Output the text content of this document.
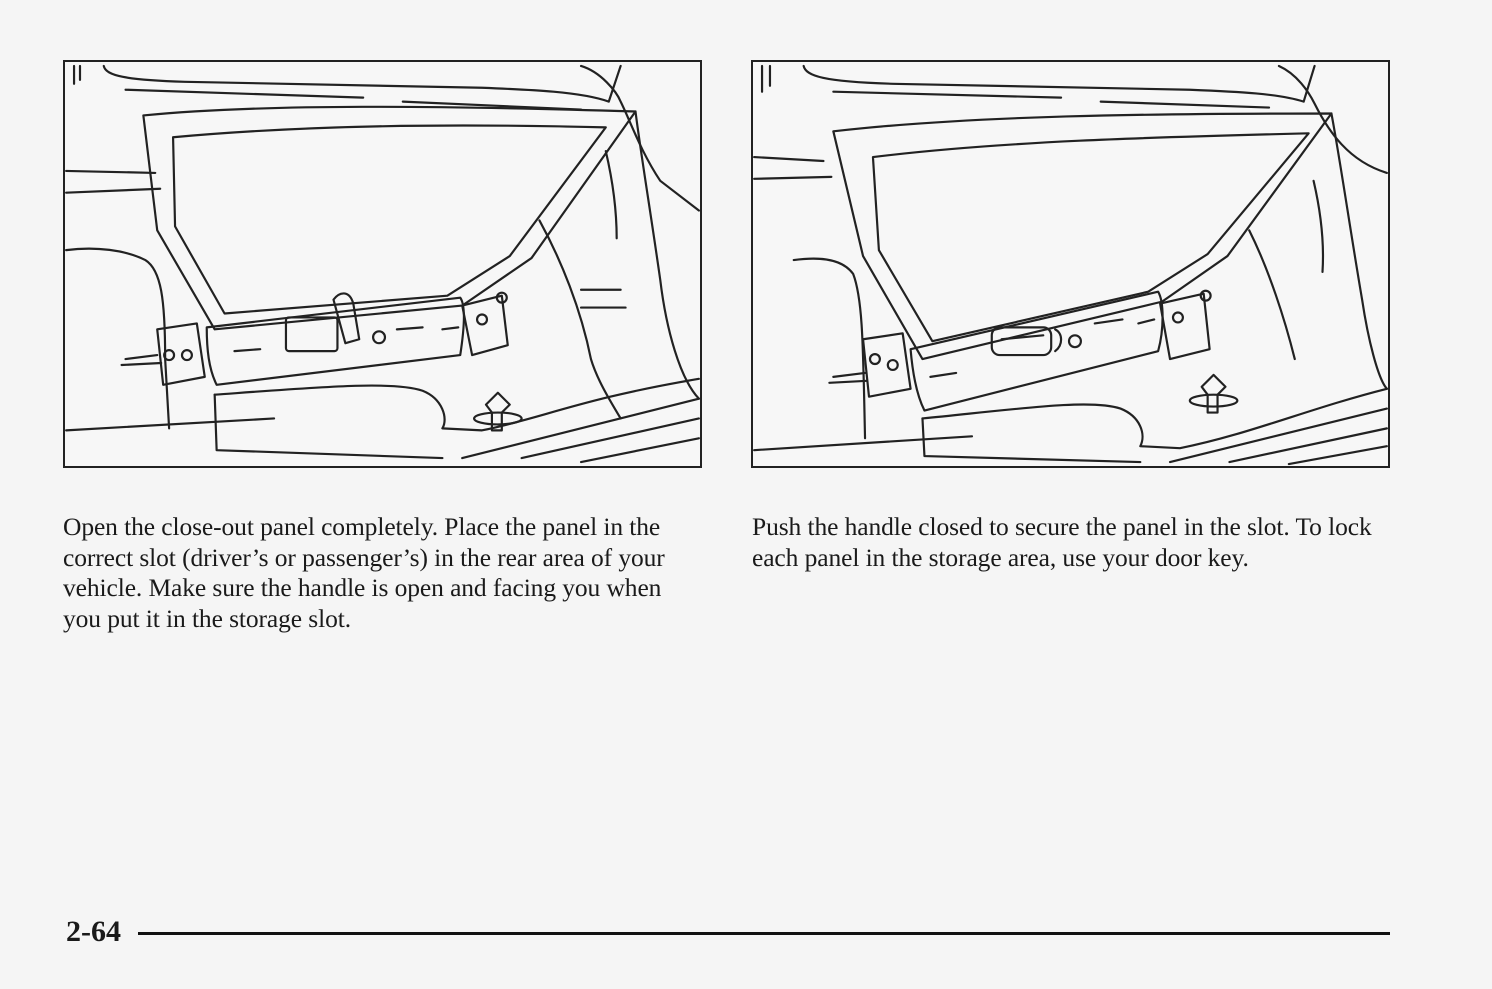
Open the close-out panel completely. Place the panel in the correct slot (driver’s or passenger’s) in the rear area of your vehicle. Make sure the handle is open and facing you when you put it in the storage slot.

Push the handle closed to secure the panel in the slot. To lock each panel in the storage area, use your door key.

2-64
